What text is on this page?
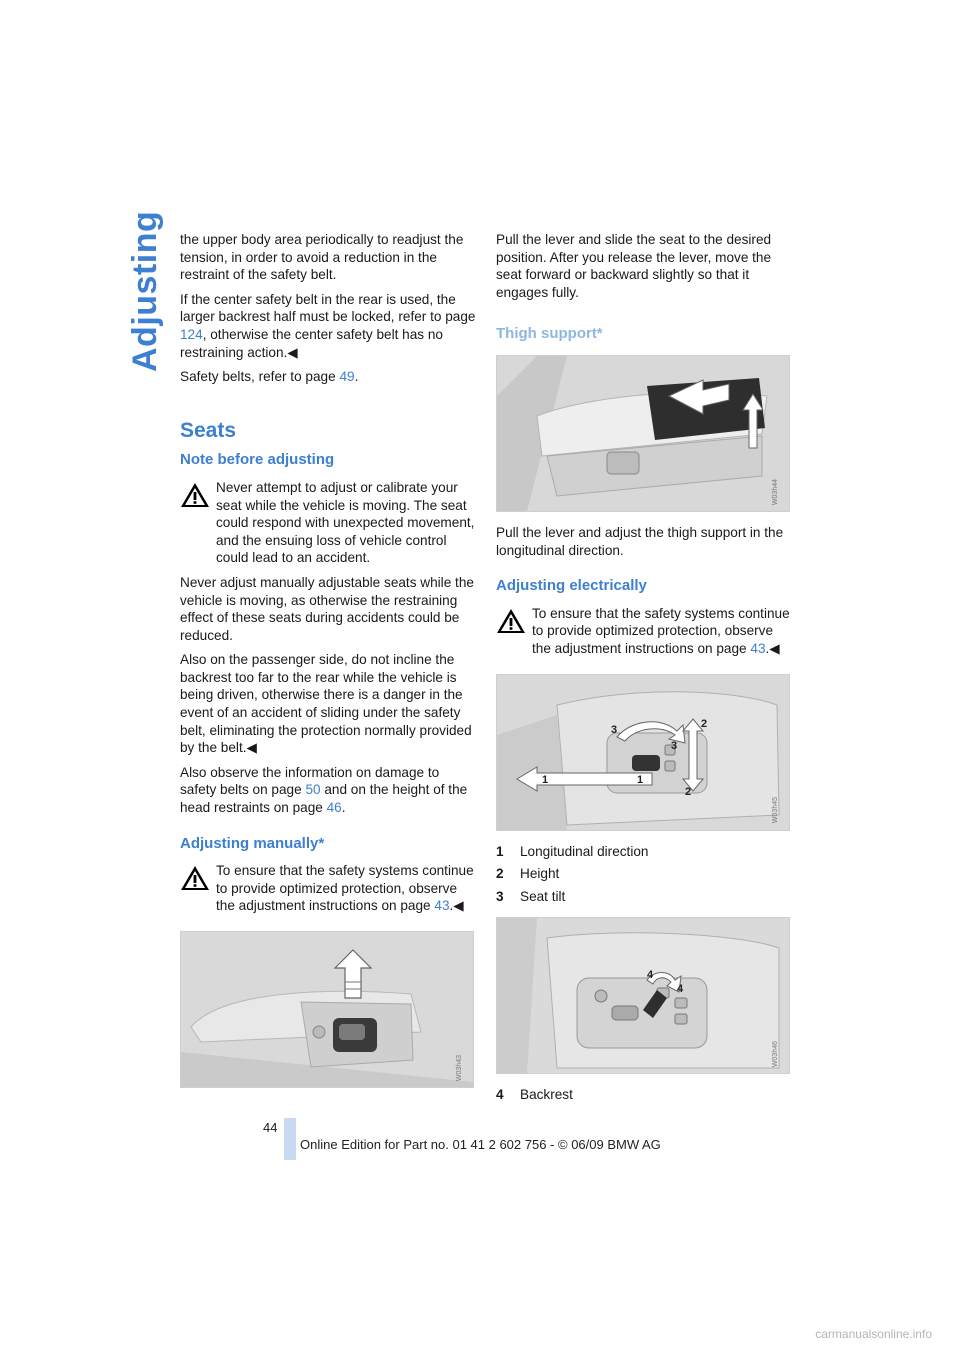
Adjusting the upper body area periodically to readjust the tension, in order to avoid a reduction in the restraint of the safety belt.

If the center safety belt in the rear is used, the larger backrest half must be locked, refer to page 124, otherwise the center safety belt has no restraining action.◀

Safety belts, refer to page 49.

Seats
Note before adjusting

Never attempt to adjust or calibrate your seat while the vehicle is moving. The seat could respond with unexpected movement, and the ensuing loss of vehicle control could lead to an accident.

Never adjust manually adjustable seats while the vehicle is moving, as otherwise the restraining effect of these seats during accidents could be reduced.

Also on the passenger side, do not incline the backrest too far to the rear while the vehicle is being driven, otherwise there is a danger in the event of an accident of sliding under the safety belt, eliminating the protection normally provided by the belt.◀

Also observe the information on damage to safety belts on page 50 and on the height of the head restraints on page 46.

Adjusting manually*

To ensure that the safety systems continue to provide optimized protection, observe the adjustment instructions on page 43.◀

W03h43

Pull the lever and slide the seat to the desired position. After you release the lever, move the seat forward or backward slightly so that it engages fully.

Thigh support*
W03h44

Pull the lever and adjust the thigh support in the longitudinal direction.

Adjusting electrically

To ensure that the safety systems continue to provide optimized protection, observe the adjustment instructions on page 43.◀

1	1
3
3
2
2
W03h45
1	Longitudinal direction
2	Height
3	Seat tilt
4
4
W03h46
4	Backrest
44
Online Edition for Part no. 01 41 2 602 756 - © 06/09 BMW AG
carmanualsonline.info
